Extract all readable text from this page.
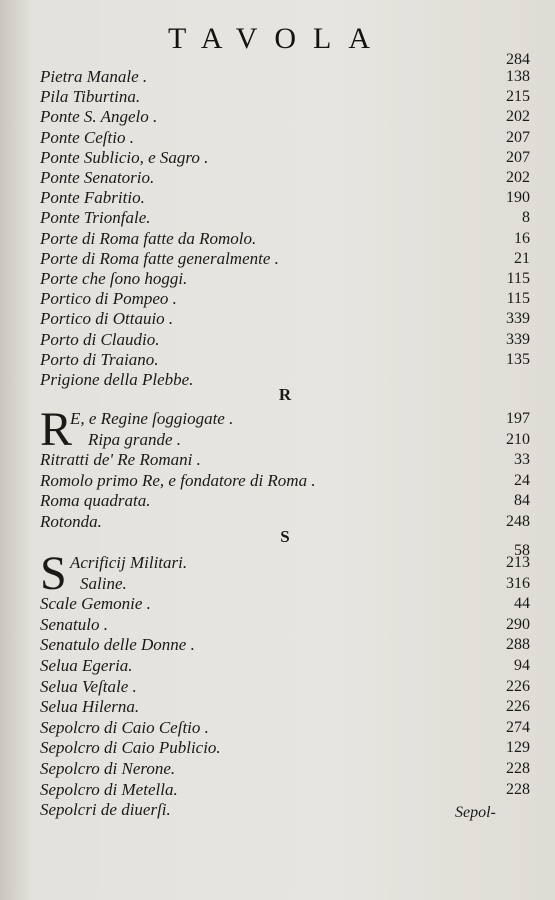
TAVOLA
284
Pietra Manale .	138
Pila Tiburtina.	215
Ponte S. Angelo .	202
Ponte Ceſtio .	207
Ponte Sublicio, e Sagro .	207
Ponte Senatorio.	202
Ponte Fabritio.	190
Ponte Trionfale.	8
Porte di Roma fatte da Romolo.	16
Porte di Roma fatte generalmente .	21
Porte che ſono hoggi.	115
Portico di Pompeo .	115
Portico di Ottauio .	339
Porto di Claudio.	339
Porto di Traiano.	135
Prigione della Plebbe.
R
R
E, e Regine ſoggiogate .	197
Ripa grande .	210
Ritratti de' Re Romani .	33
Romolo primo Re, e fondatore di Roma .	24
Roma quadrata.	84
Rotonda.	248
S
58
S Acrificij Militari.	213
Saline.	316
Scale Gemonie .	44
Senatulo .	290
Senatulo delle Donne .	288
Selua Egeria.	94
Selua Veſtale .	226
Selua Hilerna.	226
Sepolcro di Caio Ceſtio .	274
Sepolcro di Caio Publicio.	129
Sepolcro di Nerone.	228
Sepolcro di Metella.	228
Sepolcri de diuerſi.	Sepol-
